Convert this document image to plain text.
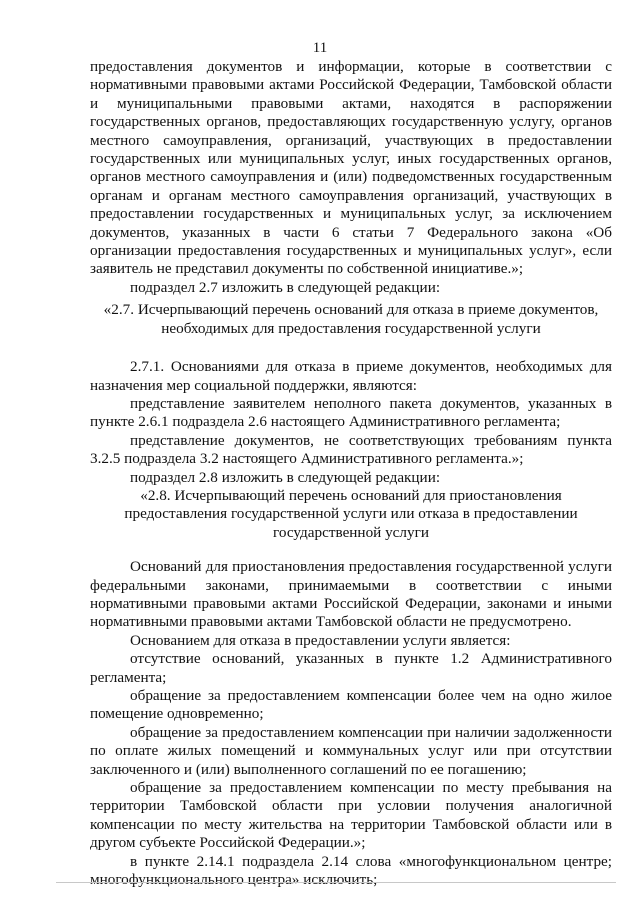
11

предоставления документов и информации, которые в соответствии с нормативными правовыми актами Российской Федерации, Тамбовской области и муниципальными правовыми актами, находятся в распоряжении государственных органов, предоставляющих государственную услугу, органов местного самоуправления, организаций, участвующих в предоставлении государственных или муниципальных услуг, иных государственных органов, органов местного самоуправления и (или) подведомственных государственным органам и органам местного самоуправления организаций, участвующих в предоставлении государственных и муниципальных услуг, за исключением документов, указанных в части 6 статьи 7 Федерального закона «Об организации предоставления государственных и муниципальных услуг», если заявитель не представил документы по собственной инициативе.»;

подраздел 2.7 изложить в следующей редакции:

«2.7. Исчерпывающий перечень оснований для отказа в приеме документов, необходимых для предоставления государственной услуги

2.7.1. Основаниями для отказа в приеме документов, необходимых для назначения мер социальной поддержки, являются:

представление заявителем неполного пакета документов, указанных в пункте 2.6.1 подраздела 2.6 настоящего Административного регламента;

представление документов, не соответствующих требованиям пункта 3.2.5 подраздела 3.2 настоящего Административного регламента.»;

подраздел 2.8 изложить в следующей редакции:

«2.8. Исчерпывающий перечень оснований для приостановления предоставления государственной услуги или отказа в предоставлении государственной услуги

Оснований для приостановления предоставления государственной услуги федеральными законами, принимаемыми в соответствии с иными нормативными правовыми актами Российской Федерации, законами и иными нормативными правовыми актами Тамбовской области не предусмотрено.

Основанием для отказа в предоставлении услуги является:

отсутствие оснований, указанных в пункте 1.2 Административного регламента;

обращение за предоставлением компенсации более чем на одно жилое помещение одновременно;

обращение за предоставлением компенсации при наличии задолженности по оплате жилых помещений и коммунальных услуг или при отсутствии заключенного и (или) выполненного соглашений по ее погашению;

обращение за предоставлением компенсации по месту пребывания на территории Тамбовской области при условии получения аналогичной компенсации по месту жительства на территории Тамбовской области или в другом субъекте Российской Федерации.»;

в пункте 2.14.1 подраздела 2.14 слова «многофункциональном центре; многофункционального центра» исключить;
